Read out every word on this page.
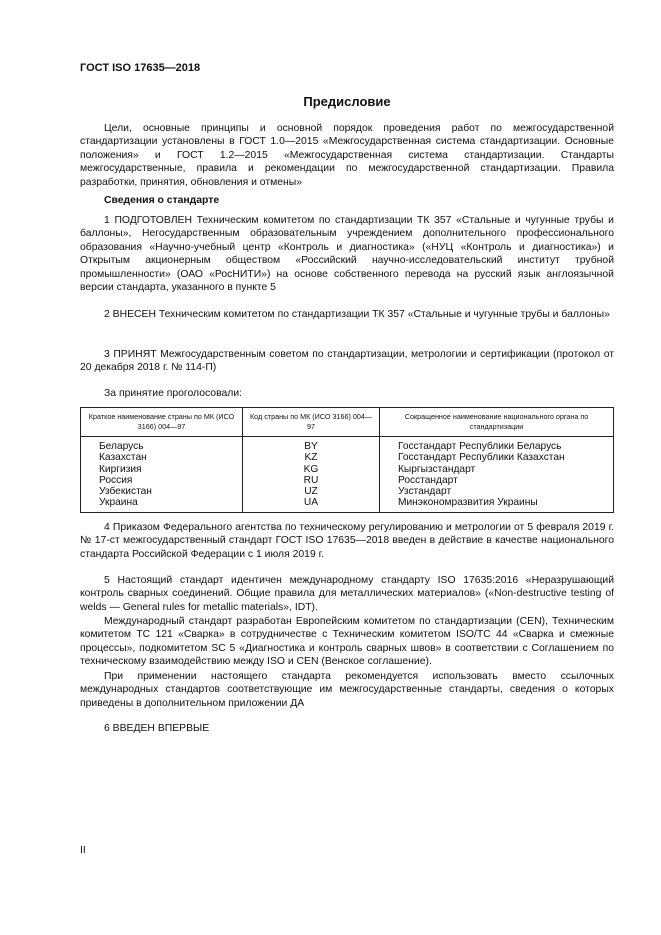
ГОСТ ISO 17635—2018
Предисловие

Цели, основные принципы и основной порядок проведения работ по межгосударственной стандартизации установлены в ГОСТ 1.0—2015 «Межгосударственная система стандартизации. Основные положения» и ГОСТ 1.2—2015 «Межгосударственная система стандартизации. Стандарты межгосударственные, правила и рекомендации по межгосударственной стандартизации. Правила разработки, принятия, обновления и отмены»

Сведения о стандарте

1 ПОДГОТОВЛЕН Техническим комитетом по стандартизации ТК 357 «Стальные и чугунные трубы и баллоны», Негосударственным образовательным учреждением дополнительного профессионального образования «Научно-учебный центр «Контроль и диагностика» («НУЦ «Контроль и диагностика») и Открытым акционерным обществом «Российский научно-исследовательский институт трубной промышленности» (ОАО «РосНИТИ») на основе собственного перевода на русский язык англоязычной версии стандарта, указанного в пункте 5

2 ВНЕСЕН Техническим комитетом по стандартизации ТК 357 «Стальные и чугунные трубы и баллоны»

3 ПРИНЯТ Межгосударственным советом по стандартизации, метрологии и сертификации (протокол от 20 декабря 2018 г. № 114-П)

За принятие проголосовали:

Краткое наименование страны по МК (ИСО 3166) 004—97	Код страны по МК (ИСО 3166) 004—97	Сокращенное наименование национального органа по стандартизации
Беларусь	BY	Госстандарт Республики Беларусь
Казахстан	KZ	Госстандарт Республики Казахстан
Киргизия	KG	Кыргызстандарт
Россия	RU	Росстандарт
Узбекистан	UZ	Узстандарт
Украина	UA	Минэкономразвития Украины

4 Приказом Федерального агентства по техническому регулированию и метрологии от 5 февраля 2019 г. № 17-ст межгосударственный стандарт ГОСТ ISO 17635—2018 введен в действие в качестве национального стандарта Российской Федерации с 1 июля 2019 г.

5 Настоящий стандарт идентичен международному стандарту ISO 17635:2016 «Неразрушающий контроль сварных соединений. Общие правила для металлических материалов» («Non-destructive testing of welds — General rules for metallic materials», IDT).

Международный стандарт разработан Европейским комитетом по стандартизации (CEN), Техническим комитетом ТС 121 «Сварка» в сотрудничестве с Техническим комитетом ISO/TC 44 «Сварка и смежные процессы», подкомитетом SC 5 «Диагностика и контроль сварных швов» в соответствии с Соглашением по техническому взаимодействию между ISO и CEN (Венское соглашение).

При применении настоящего стандарта рекомендуется использовать вместо ссылочных международных стандартов соответствующие им межгосударственные стандарты, сведения о которых приведены в дополнительном приложении ДА

6 ВВЕДЕН ВПЕРВЫЕ

II
